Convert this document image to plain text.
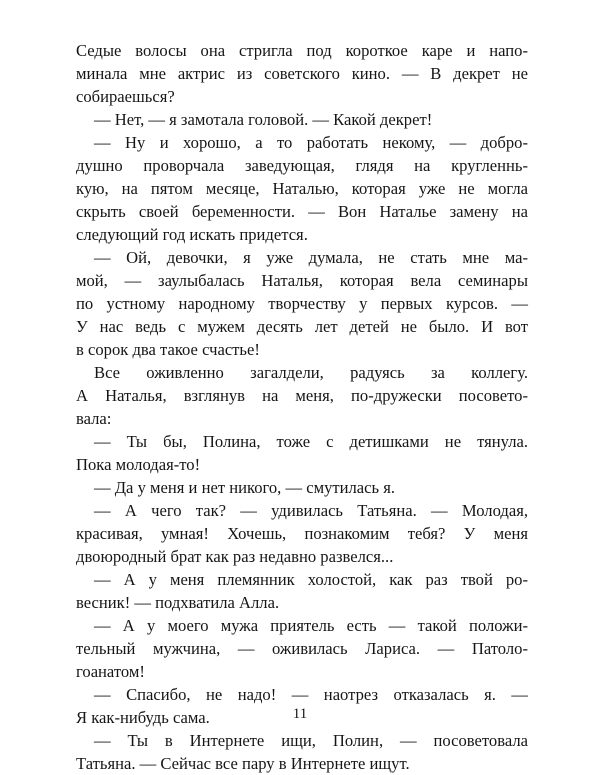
Седые волосы она стригла под короткое каре и напо-
минала мне актрис из советского кино. — В декрет не
собираешься?
— Нет, — я замотала головой. — Какой декрет!
— Ну и хорошо, а то работать некому, — добро-
душно проворчала заведующая, глядя на кругленнь-
кую, на пятом месяце, Наталью, которая уже не могла
скрыть своей беременности. — Вон Наталье замену на
следующий год искать придется.
— Ой, девочки, я уже думала, не стать мне ма-
мой, — заулыбалась Наталья, которая вела семинары
по устному народному творчеству у первых курсов. —
У нас ведь с мужем десять лет детей не было. И вот
в сорок два такое счастье!
Все оживленно загалдели, радуясь за коллегу.
А Наталья, взглянув на меня, по-дружески посовето-
вала:
— Ты бы, Полина, тоже с детишками не тянула.
Пока молодая-то!
— Да у меня и нет никого, — смутилась я.
— А чего так? — удивилась Татьяна. — Молодая,
красивая, умная! Хочешь, познакомим тебя? У меня
двоюродный брат как раз недавно развелся...
— А у меня племянник холостой, как раз твой ро-
весник! — подхватила Алла.
— А у моего мужа приятель есть — такой положи-
тельный мужчина, — оживилась Лариса. — Патоло-
гоанатом!
— Спасибо, не надо! — наотрез отказалась я. —
Я как-нибудь сама.
— Ты в Интернете ищи, Полин, — посоветовала
Татьяна. — Сейчас все пару в Интернете ищут.
11
